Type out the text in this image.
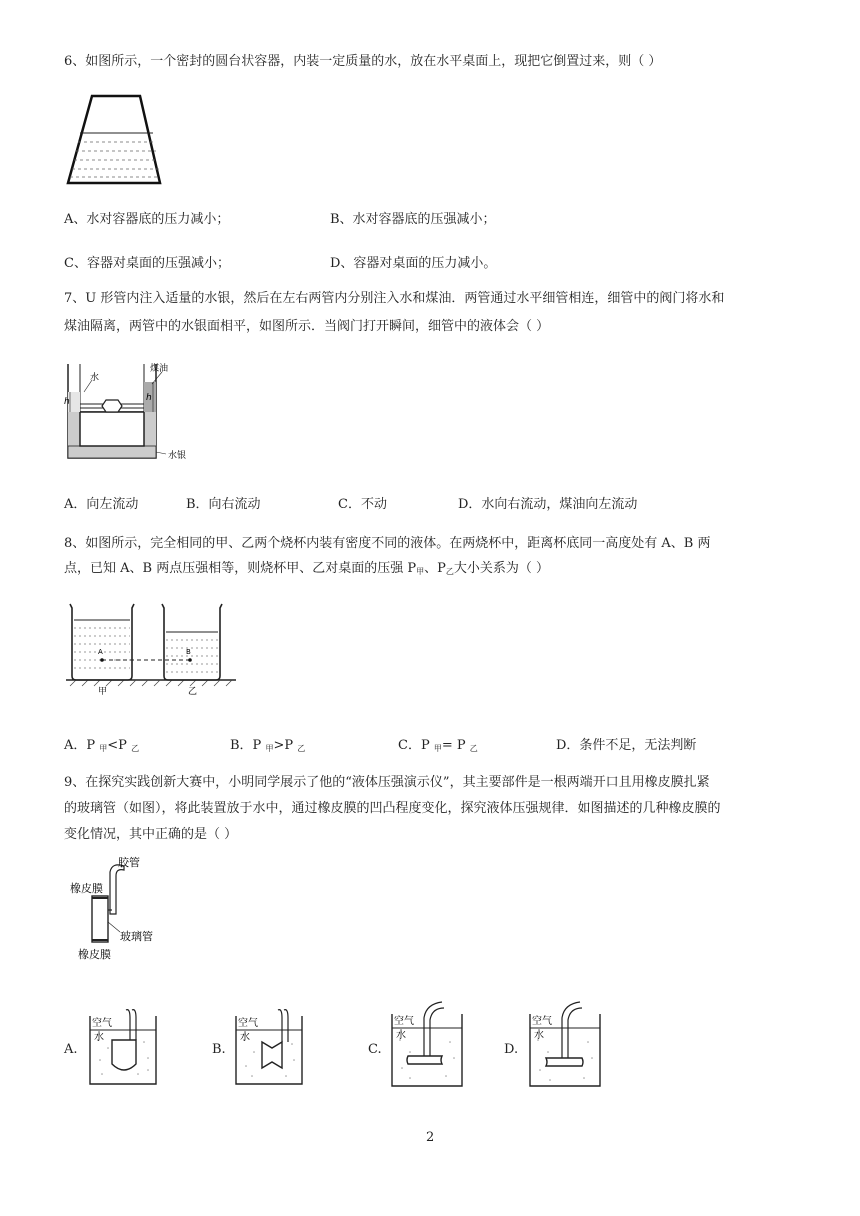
6、如图所示，一个密封的圆台状容器，内装一定质量的水，放在水平桌面上，现把它倒置过来，则（ ）
A、水对容器底的压力减小；	B、水对容器底的压强减小；
C、容器对桌面的压强减小；	D、容器对桌面的压力减小。
7、U 形管内注入适量的水银，然后在左右两管内分别注入水和煤油．两管通过水平细管相连，细管中的阀门将水和
煤油隔离，两管中的水银面相平，如图所示．当阀门打开瞬间，细管中的液体会（ ）
煤油
水
h	h
水银
A．向左流动	B．向右流动	C．不动	D．水向右流动，煤油向左流动
8、如图所示，完全相同的甲、乙两个烧杯内装有密度不同的液体。在两烧杯中，距离杯底同一高度处有 A、B 两
点，已知 A、B 两点压强相等，则烧杯甲、乙对桌面的压强 $P_甲$、$P_乙$大小关系为（ ）
A	B
甲	乙
A．P $_甲$<P $_乙$	B．P $_甲$>P $_乙$	C．P $_甲$= P $_乙$	D．条件不足，无法判断
9、在探究实践创新大赛中，小明同学展示了他的“液体压强演示仪”，其主要部件是一根两端开口且用橡皮膜扎紧
的玻璃管（如图），将此装置放于水中，通过橡皮膜的凹凸程度变化，探究液体压强规律．如图描述的几种橡皮膜的
变化情况，其中正确的是（ ）
胶管
橡皮膜
玻璃管
橡皮膜
A.
空气
水
B.
空气
水
C.
空气
水
D.
空气
水
2
